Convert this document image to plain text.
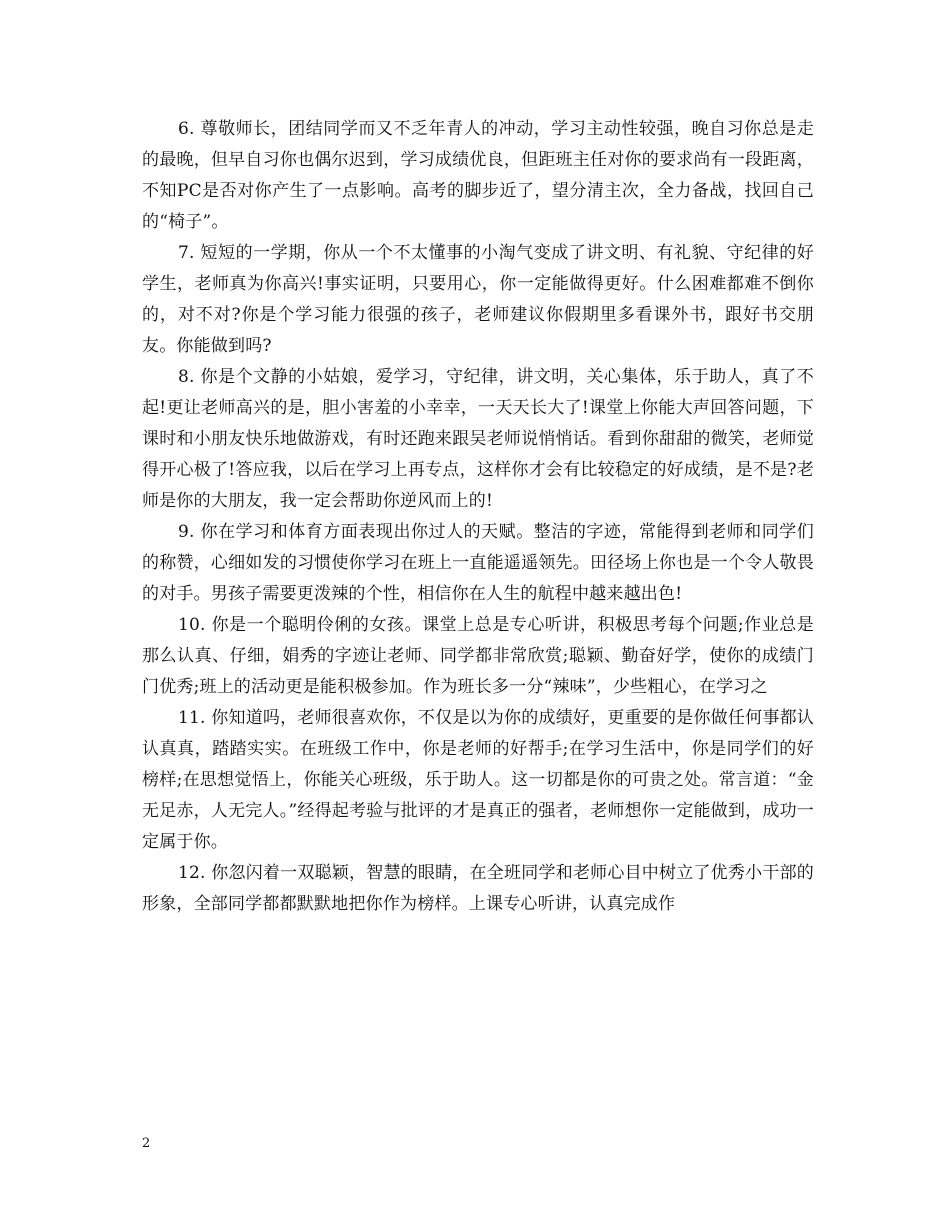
6. 尊敬师长，团结同学而又不乏年青人的冲动，学习主动性较强，晚自习你总是走的最晚，但早自习你也偶尔迟到，学习成绩优良，但距班主任对你的要求尚有一段距离，不知PC是否对你产生了一点影响。高考的脚步近了，望分清主次，全力备战，找回自己的“椅子”。

7. 短短的一学期，你从一个不太懂事的小淘气变成了讲文明、有礼貌、守纪律的好学生，老师真为你高兴!事实证明，只要用心，你一定能做得更好。什么困难都难不倒你的，对不对?你是个学习能力很强的孩子，老师建议你假期里多看课外书，跟好书交朋友。你能做到吗?

8. 你是个文静的小姑娘，爱学习，守纪律，讲文明，关心集体，乐于助人，真了不起!更让老师高兴的是，胆小害羞的小幸幸，一天天长大了!课堂上你能大声回答问题，下课时和小朋友快乐地做游戏，有时还跑来跟吴老师说悄悄话。看到你甜甜的微笑，老师觉得开心极了!答应我，以后在学习上再专点，这样你才会有比较稳定的好成绩，是不是?老师是你的大朋友，我一定会帮助你逆风而上的!

9. 你在学习和体育方面表现出你过人的天赋。整洁的字迹，常能得到老师和同学们的称赞，心细如发的习惯使你学习在班上一直能遥遥领先。田径场上你也是一个令人敬畏的对手。男孩子需要更泼辣的个性，相信你在人生的航程中越来越出色!

10. 你是一个聪明伶俐的女孩。课堂上总是专心听讲，积极思考每个问题;作业总是那么认真、仔细，娟秀的字迹让老师、同学都非常欣赏;聪颖、勤奋好学，使你的成绩门门优秀;班上的活动更是能积极参加。作为班长多一分“辣味”，少些粗心，在学习之

11. 你知道吗，老师很喜欢你，不仅是以为你的成绩好，更重要的是你做任何事都认认真真，踏踏实实。在班级工作中，你是老师的好帮手;在学习生活中，你是同学们的好榜样;在思想觉悟上，你能关心班级，乐于助人。这一切都是你的可贵之处。常言道：“金无足赤，人无完人。”经得起考验与批评的才是真正的强者，老师想你一定能做到，成功一定属于你。

12. 你忽闪着一双聪颖，智慧的眼睛，在全班同学和老师心目中树立了优秀小干部的形象，全部同学都都默默地把你作为榜样。上课专心听讲，认真完成作

2
